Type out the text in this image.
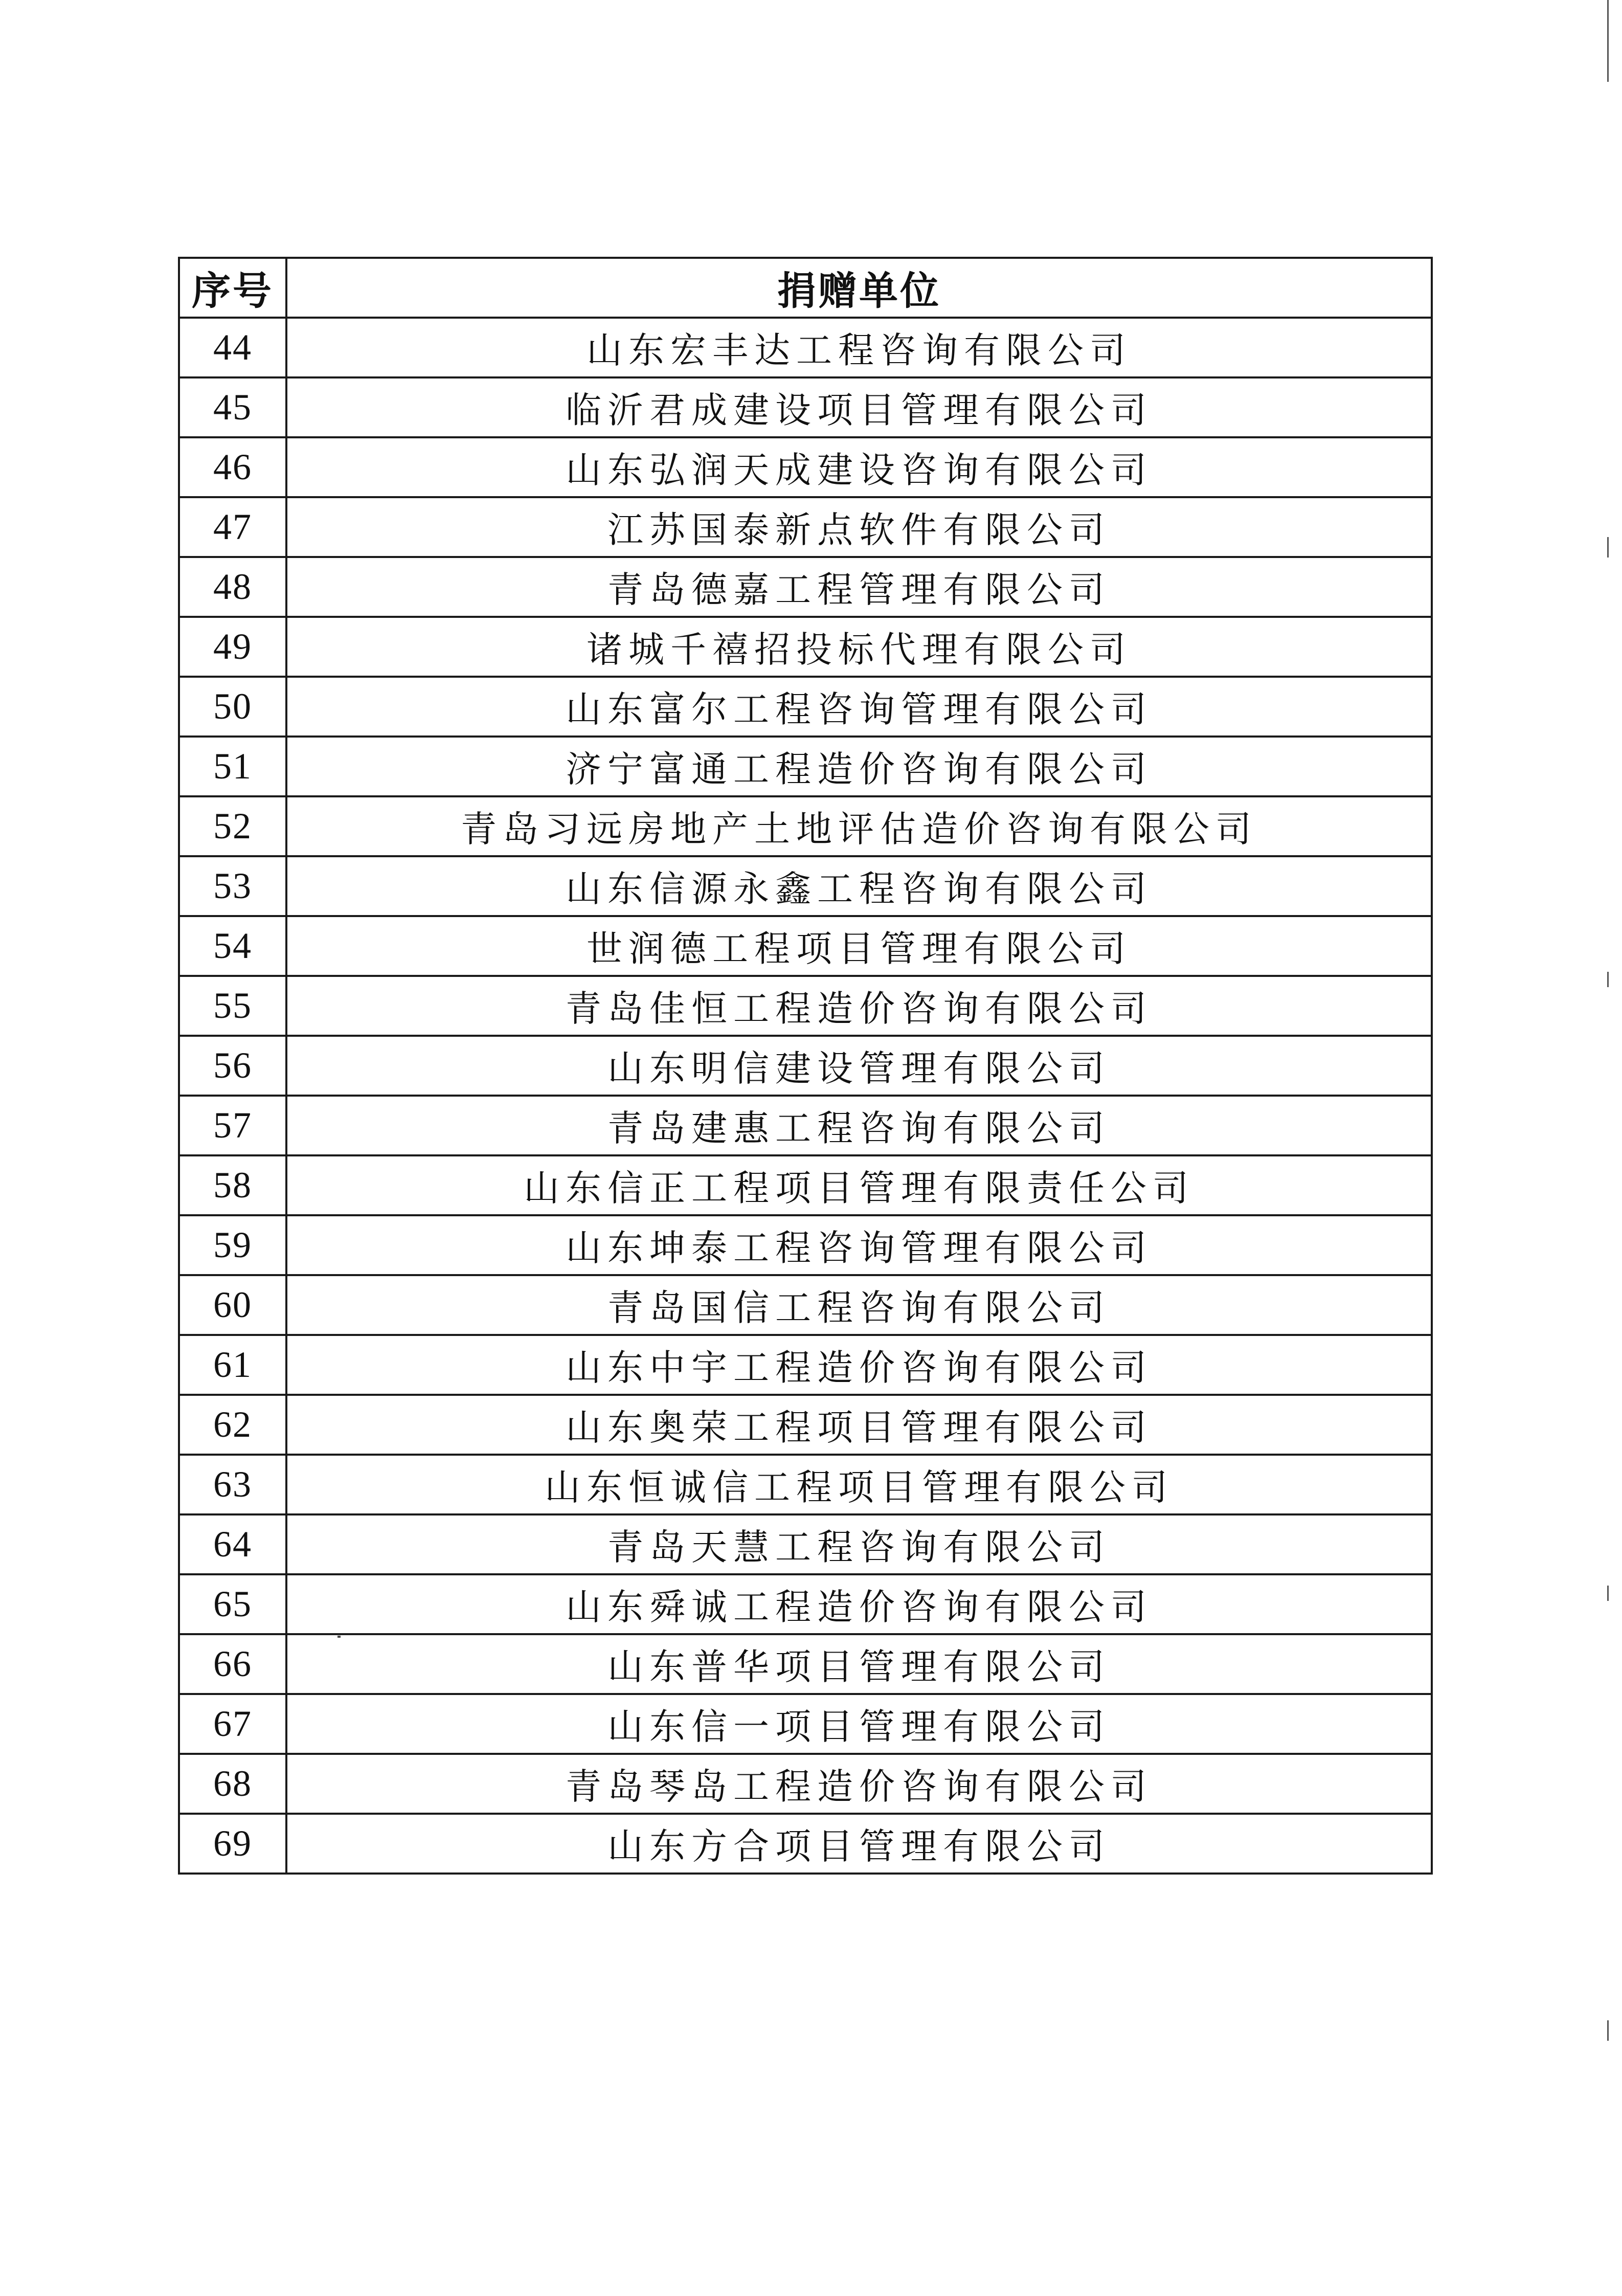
序号	捐赠单位
44	山东宏丰达工程咨询有限公司
45	临沂君成建设项目管理有限公司
46	山东弘润天成建设咨询有限公司
47	江苏国泰新点软件有限公司
48	青岛德嘉工程管理有限公司
49	诸城千禧招投标代理有限公司
50	山东富尔工程咨询管理有限公司
51	济宁富通工程造价咨询有限公司
52	青岛习远房地产土地评估造价咨询有限公司
53	山东信源永鑫工程咨询有限公司
54	世润德工程项目管理有限公司
55	青岛佳恒工程造价咨询有限公司
56	山东明信建设管理有限公司
57	青岛建惠工程咨询有限公司
58	山东信正工程项目管理有限责任公司
59	山东坤泰工程咨询管理有限公司
60	青岛国信工程咨询有限公司
61	山东中宇工程造价咨询有限公司
62	山东奥荣工程项目管理有限公司
63	山东恒诚信工程项目管理有限公司
64	青岛天慧工程咨询有限公司
65	山东舜诚工程造价咨询有限公司
66	山东普华项目管理有限公司
67	山东信一项目管理有限公司
68	青岛琴岛工程造价咨询有限公司
69	山东方合项目管理有限公司
